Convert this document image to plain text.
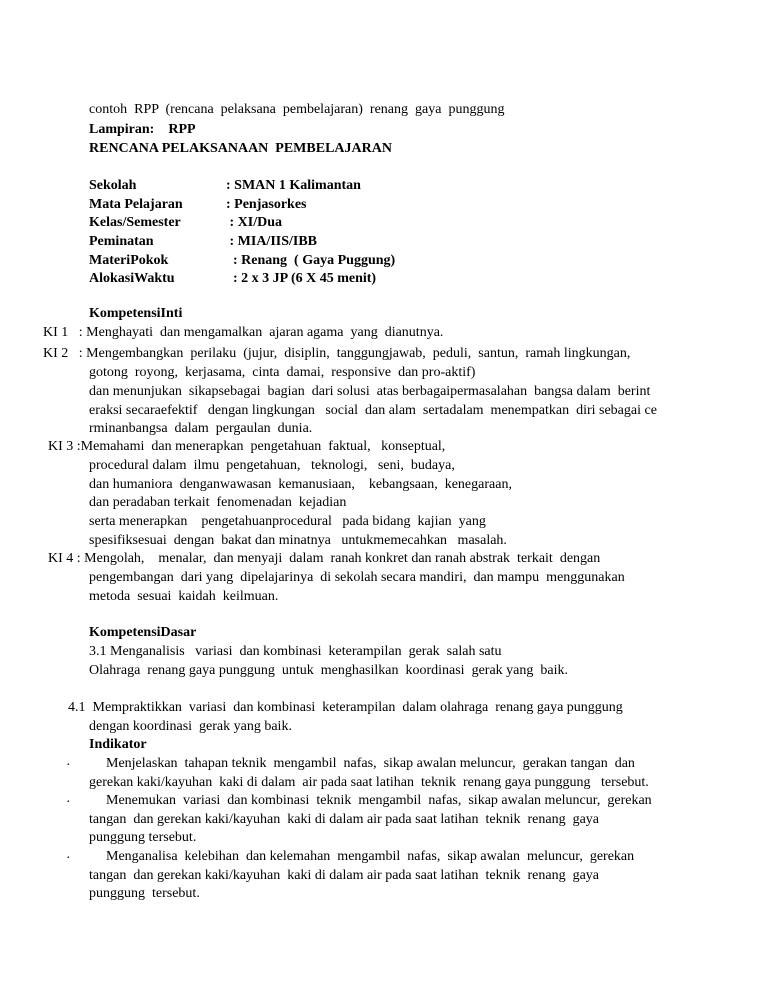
contoh  RPP  (rencana  pelaksana  pembelajaran)  renang  gaya  punggung
Lampiran:    RPP
RENCANA PELAKSANAAN  PEMBELAJARAN
Sekolah	: SMAN 1 Kalimantan
Mata Pelajaran	: Penjasorkes
Kelas/Semester	: XI/Dua
Peminatan	: MIA/IIS/IBB
MateriPokok	: Renang  ( Gaya Puggung)
AlokasiWaktu	: 2 x 3 JP (6 X 45 menit)
KompetensiInti
KI 1   : Menghayati  dan mengamalkan  ajaran agama  yang  dianutnya.
KI 2   : Mengembangkan  perilaku  (jujur,  disiplin,  tanggungjawab,  peduli,  santun,  ramah lingkungan,
gotong  royong,  kerjasama,  cinta  damai,  responsive  dan pro-aktif)
dan menunjukan  sikapsebagai  bagian  dari solusi  atas berbagaipermasalahan  bangsa dalam  berint
eraksi secaraefektif   dengan lingkungan   social  dan alam  sertadalam  menempatkan  diri sebagai ce
rminanbangsa  dalam  pergaulan  dunia.
KI 3 :Memahami  dan menerapkan  pengetahuan  faktual,   konseptual,
procedural dalam  ilmu  pengetahuan,   teknologi,   seni,  budaya,
dan humaniora  denganwawasan  kemanusiaan,    kebangsaan,  kenegaraan,
dan peradaban terkait  fenomenadan  kejadian
serta menerapkan    pengetahuanprocedural   pada bidang  kajian  yang
spesifiksesuai  dengan  bakat dan minatnya   untukmemecahkan   masalah.
KI 4 : Mengolah,    menalar,  dan menyaji  dalam  ranah konkret dan ranah abstrak  terkait  dengan
pengembangan  dari yang  dipelajarinya  di sekolah secara mandiri,  dan mampu  menggunakan
metoda  sesuai  kaidah  keilmuan.
KompetensiDasar
3.1 Menganalisis   variasi  dan kombinasi  keterampilan  gerak  salah satu
Olahraga  renang gaya punggung  untuk  menghasilkan  koordinasi  gerak yang  baik.
4.1  Mempraktikkan  variasi  dan kombinasi  keterampilan  dalam olahraga  renang gaya punggung
dengan koordinasi  gerak yang baik.
Indikator
·	Menjelaskan  tahapan teknik  mengambil  nafas,  sikap awalan meluncur,  gerakan tangan  dan
gerekan kaki/kayuhan  kaki di dalam  air pada saat latihan  teknik  renang gaya punggung   tersebut.
·	Menemukan  variasi  dan kombinasi  teknik  mengambil  nafas,  sikap awalan meluncur,  gerekan
tangan  dan gerekan kaki/kayuhan  kaki di dalam air pada saat latihan  teknik  renang  gaya
punggung tersebut.
·	Menganalisa  kelebihan  dan kelemahan  mengambil  nafas,  sikap awalan  meluncur,  gerekan
tangan  dan gerekan kaki/kayuhan  kaki di dalam air pada saat latihan  teknik  renang  gaya
punggung  tersebut.
